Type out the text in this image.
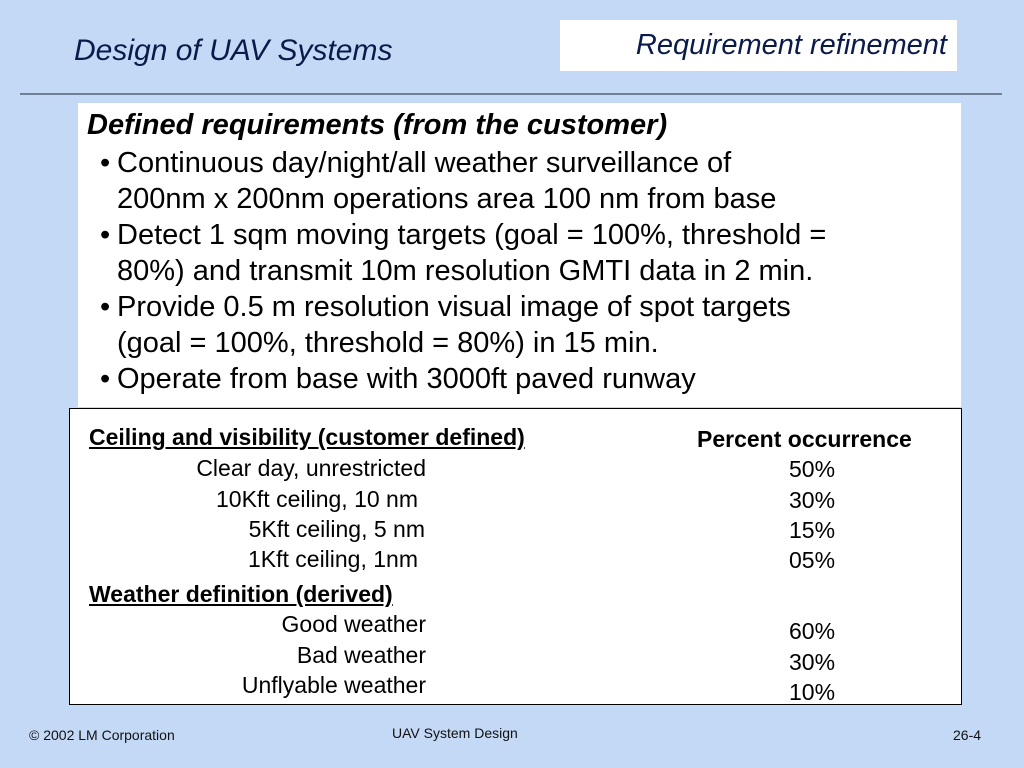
Design of UAV Systems	Requirement refinement
Defined requirements (from the customer)
• Continuous day/night/all weather surveillance of
200nm x 200nm operations area 100 nm from base
• Detect 1 sqm moving targets (goal = 100%, threshold =
80%) and transmit 10m resolution GMTI data in 2 min.
• Provide 0.5 m resolution visual image of spot targets
(goal = 100%, threshold = 80%) in 15 min.
• Operate from base with 3000ft paved runway
Ceiling and visibility (customer defined)	Percent occurrence
Clear day, unrestricted	50%
10Kft ceiling, 10 nm	30%
5Kft ceiling, 5 nm	15%
1Kft ceiling, 1nm	05%
Weather definition (derived)
Good weather	60%
Bad weather	30%
Unflyable weather	10%
© 2002 LM Corporation	UAV System Design	26-4
